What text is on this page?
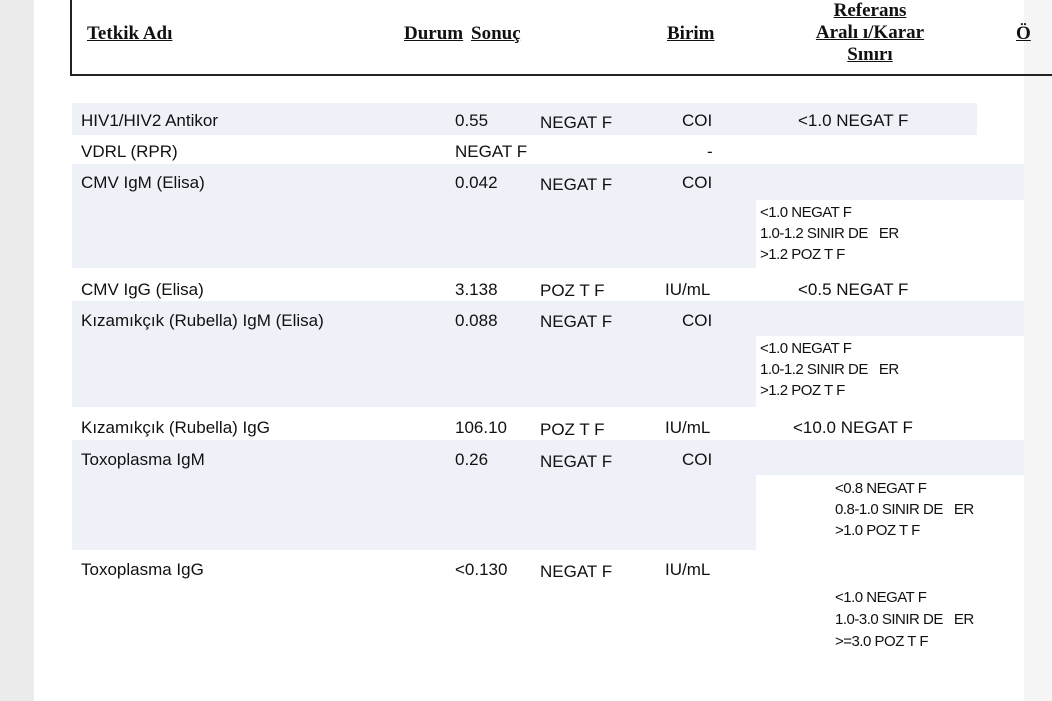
Tetkik Adı	Durum Sonuç	Birim
Referans
Aralı ı/Karar
Sınırı
Ö
HIV1/HIV2 Antikor	0.55	NEGAT F	COI	<1.0 NEGAT F
VDRL (RPR)	NEGAT F	-
CMV IgM (Elisa)	0.042 NEGAT F	COI
<1.0 NEGAT F
1.0-1.2 SINIR DE   ER
>1.2 POZ T F
CMV IgG (Elisa)	3.138 POZ T F	IU/mL	<0.5 NEGAT F
Kızamıkçık (Rubella) IgM (Elisa)	0.088 NEGAT F	COI
<1.0 NEGAT F
1.0-1.2 SINIR DE   ER
>1.2 POZ T F
Kızamıkçık (Rubella) IgG	106.10 POZ T F	IU/mL	<10.0 NEGAT F
Toxoplasma IgM	0.26	NEGAT F	COI
<0.8 NEGAT F
0.8-1.0 SINIR DE   ER
>1.0 POZ T F
Toxoplasma IgG	<0.130 NEGAT F	IU/mL
<1.0 NEGAT F
1.0-3.0 SINIR DE   ER
>=3.0 POZ T F
